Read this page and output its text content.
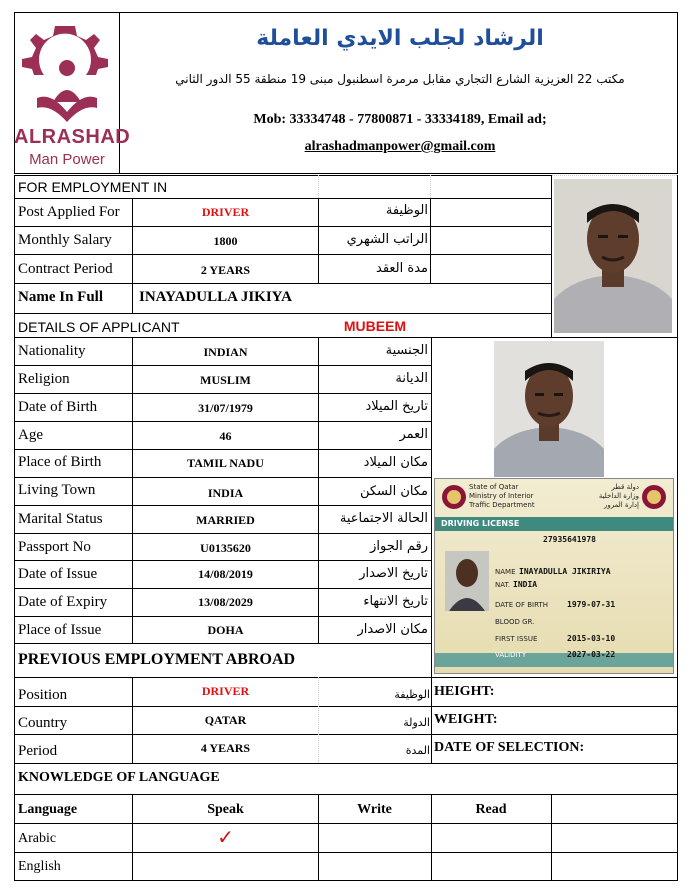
ALRASHAD
Man Power
الرشاد لجلب الايدي العاملة
مكتب 22 العزيزية الشارع التجاري مقابل مرمرة اسطنبول مبنى 19 منطقة 55 الدور الثاني
Mob: 33334748 - 77800871 - 33334189, Email ad;
alrashadmanpower@gmail.com
FOR EMPLOYMENT IN
Post Applied For	DRIVER	الوظيفة
Monthly Salary	1800	الراتب الشهري
Contract Period	2 YEARS	مدة العقد
Name In Full INAYADULLA JIKIYA
DETAILS OF APPLICANT	MUBEEM
Nationality	INDIAN	الجنسية
Religion	MUSLIM	الديانة
Date of Birth	31/07/1979	تاريخ الميلاد
Age	46	العمر
Place of Birth	TAMIL NADU	مكان الميلاد
Living Town	INDIA	مكان السكن
Marital Status	MARRIED	الحالة الاجتماعية
Passport No	U0135620	رقم الجواز
Date of Issue	14/08/2019	تاريخ الاصدار
Date of Expiry	13/08/2029	تاريخ الانتهاء
Place of Issue	DOHA	مكان الاصدار
State of Qatar
Ministry of Interior
Traffic Department
دولة قطر
وزارة الداخلية
إدارة المرور
DRIVING LICENSE
27935641978
NAME INAYADULLA JIKIRIYA
NAT. INDIA
DATE OF BIRTH 1979-07-31
BLOOD GR.
FIRST ISSUE	2015-03-10
VALIDITY	2027-03-22
PREVIOUS EMPLOYMENT ABROAD
Position	DRIVER	الوظيفة HEIGHT:
Country	QATAR	الدولة WEIGHT:
Period	4 YEARS	المدة DATE OF SELECTION:
KNOWLEDGE OF LANGUAGE
Language	Speak	Write	Read
Arabic	✓
English
